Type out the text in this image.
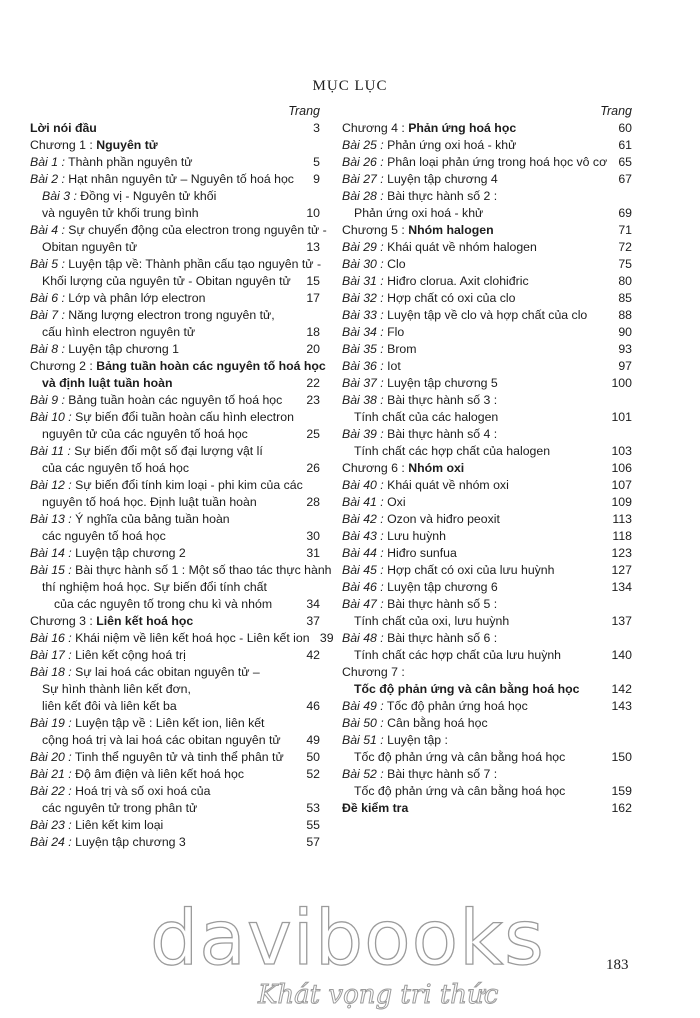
MỤC LỤC
Trang
Lời nói đầu	3
Chương 1 : Nguyên tử
Bài 1 : Thành phần nguyên tử	5
Bài 2 : Hạt nhân nguyên tử – Nguyên tố hoá học	9
Bài 3 : Đồng vị - Nguyên tử khối
và nguyên tử khối trung bình	10
Bài 4 : Sự chuyển động của electron trong nguyên tử -
Obitan nguyên tử	13
Bài 5 : Luyện tập về: Thành phần cấu tạo nguyên tử -
Khối lượng của nguyên tử - Obitan nguyên tử	15
Bài 6 : Lớp và phân lớp electron	17
Bài 7 : Năng lượng electron trong nguyên tử,
cấu hình electron nguyên tử	18
Bài 8 : Luyện tập chương 1	20
Chương 2 : Bảng tuần hoàn các nguyên tố hoá học
và định luật tuần hoàn	22
Bài 9 : Bảng tuần hoàn các nguyên tố hoá học	23
Bài 10 : Sự biến đổi tuần hoàn cấu hình electron
nguyên tử của các nguyên tố hoá học	25
Bài 11 : Sự biến đổi một số đại lượng vật lí
của các nguyên tố hoá học	26
Bài 12 : Sự biến đổi tính kim loại - phi kim của các
nguyên tố hoá học. Định luật tuần hoàn	28
Bài 13 : Ý nghĩa của bảng tuần hoàn
các nguyên tố hoá học	30
Bài 14 : Luyện tập chương 2	31
Bài 15 : Bài thực hành số 1 : Một số thao tác thực hành
thí nghiệm hoá học. Sự biến đổi tính chất
của các nguyên tố trong chu kì và nhóm	34
Chương 3 : Liên kết hoá học	37
Bài 16 : Khái niệm về liên kết hoá học - Liên kết ion 39
Bài 17 : Liên kết cộng hoá trị	42
Bài 18 : Sự lai hoá các obitan nguyên tử –
Sự hình thành liên kết đơn,
liên kết đôi và liên kết ba	46
Bài 19 : Luyện tập về : Liên kết ion, liên kết
cộng hoá trị và lai hoá các obitan nguyên tử	49
Bài 20 : Tinh thể nguyên tử và tinh thể phân tử	50
Bài 21 : Độ âm điện và liên kết hoá học	52
Bài 22 : Hoá trị và số oxi hoá của
các nguyên tử trong phân tử	53
Bài 23 : Liên kết kim loại	55
Bài 24 : Luyện tập chương 3	57
Trang
Chương 4 : Phản ứng hoá học	60
Bài 25 : Phản ứng oxi hoá - khử	61
Bài 26 : Phân loại phản ứng trong hoá học vô cơ 65
Bài 27 : Luyện tập chương 4	67
Bài 28 : Bài thực hành số 2 :
Phản ứng oxi hoá - khử	69
Chương 5 : Nhóm halogen	71
Bài 29 : Khái quát về nhóm halogen	72
Bài 30 : Clo	75
Bài 31 : Hiđro clorua. Axit clohiđric	80
Bài 32 : Hợp chất có oxi của clo	85
Bài 33 : Luyện tập về clo và hợp chất của clo	88
Bài 34 : Flo	90
Bài 35 : Brom	93
Bài 36 : Iot	97
Bài 37 : Luyện tập chương 5	100
Bài 38 : Bài thực hành số 3 :
Tính chất của các halogen	101
Bài 39 : Bài thực hành số 4 :
Tính chất các hợp chất của halogen	103
Chương 6 : Nhóm oxi	106
Bài 40 : Khái quát về nhóm oxi	107
Bài 41 : Oxi	109
Bài 42 : Ozon và hiđro peoxit	113
Bài 43 : Lưu huỳnh	118
Bài 44 : Hiđro sunfua	123
Bài 45 : Hợp chất có oxi của lưu huỳnh	127
Bài 46 : Luyện tập chương 6	134
Bài 47 : Bài thực hành số 5 :
Tính chất của oxi, lưu huỳnh	137
Bài 48 : Bài thực hành số 6 :
Tính chất các hợp chất của lưu huỳnh	140
Chương 7 :
Tốc độ phản ứng và cân bằng hoá học	142
Bài 49 : Tốc độ phản ứng hoá học	143
Bài 50 : Cân bằng hoá học
Bài 51 : Luyện tập :
Tốc độ phản ứng và cân bằng hoá học	150
Bài 52 : Bài thực hành số 7 :
Tốc độ phản ứng và cân bằng hoá học	159
Đề kiểm tra	162
183
davibooks
Khát vọng tri thức
